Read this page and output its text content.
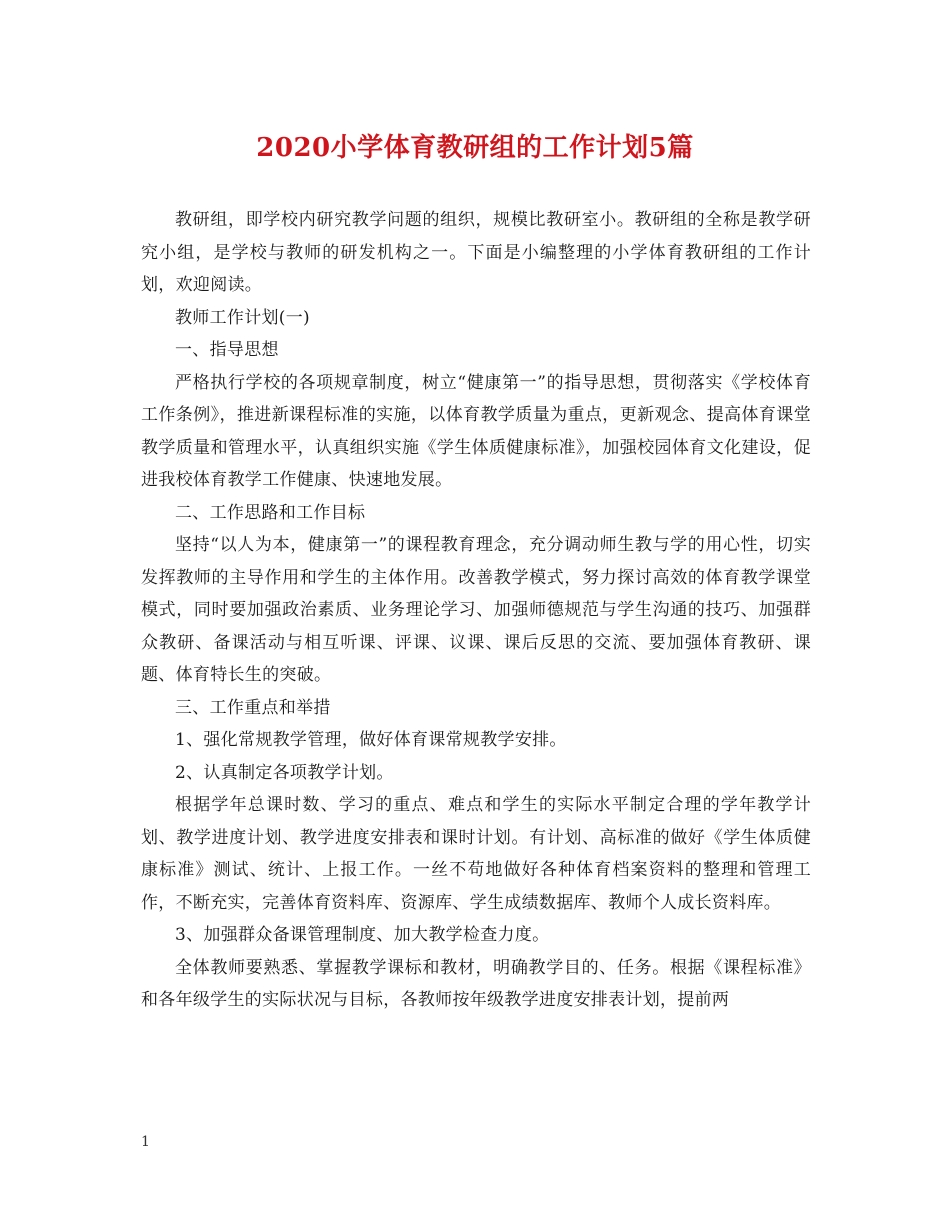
2020小学体育教研组的工作计划5篇

教研组，即学校内研究教学问题的组织，规模比教研室小。教研组的全称是教学研究小组，是学校与教师的研发机构之一。下面是小编整理的小学体育教研组的工作计划，欢迎阅读。

教师工作计划(一)

一、指导思想

严格执行学校的各项规章制度，树立“健康第一”的指导思想，贯彻落实《学校体育工作条例》，推进新课程标准的实施，以体育教学质量为重点，更新观念、提高体育课堂教学质量和管理水平，认真组织实施《学生体质健康标准》，加强校园体育文化建设，促进我校体育教学工作健康、快速地发展。

二、工作思路和工作目标

坚持“以人为本，健康第一”的课程教育理念，充分调动师生教与学的用心性，切实发挥教师的主导作用和学生的主体作用。改善教学模式，努力探讨高效的体育教学课堂模式，同时要加强政治素质、业务理论学习、加强师德规范与学生沟通的技巧、加强群众教研、备课活动与相互听课、评课、议课、课后反思的交流、要加强体育教研、课题、体育特长生的突破。

三、工作重点和举措

1、强化常规教学管理，做好体育课常规教学安排。

2、认真制定各项教学计划。

根据学年总课时数、学习的重点、难点和学生的实际水平制定合理的学年教学计划、教学进度计划、教学进度安排表和课时计划。有计划、高标准的做好《学生体质健康标准》测试、统计、上报工作。一丝不苟地做好各种体育档案资料的整理和管理工作，不断充实，完善体育资料库、资源库、学生成绩数据库、教师个人成长资料库。

3、加强群众备课管理制度、加大教学检查力度。

全体教师要熟悉、掌握教学课标和教材，明确教学目的、任务。根据《课程标准》和各年级学生的实际状况与目标，各教师按年级教学进度安排表计划，提前两

1
